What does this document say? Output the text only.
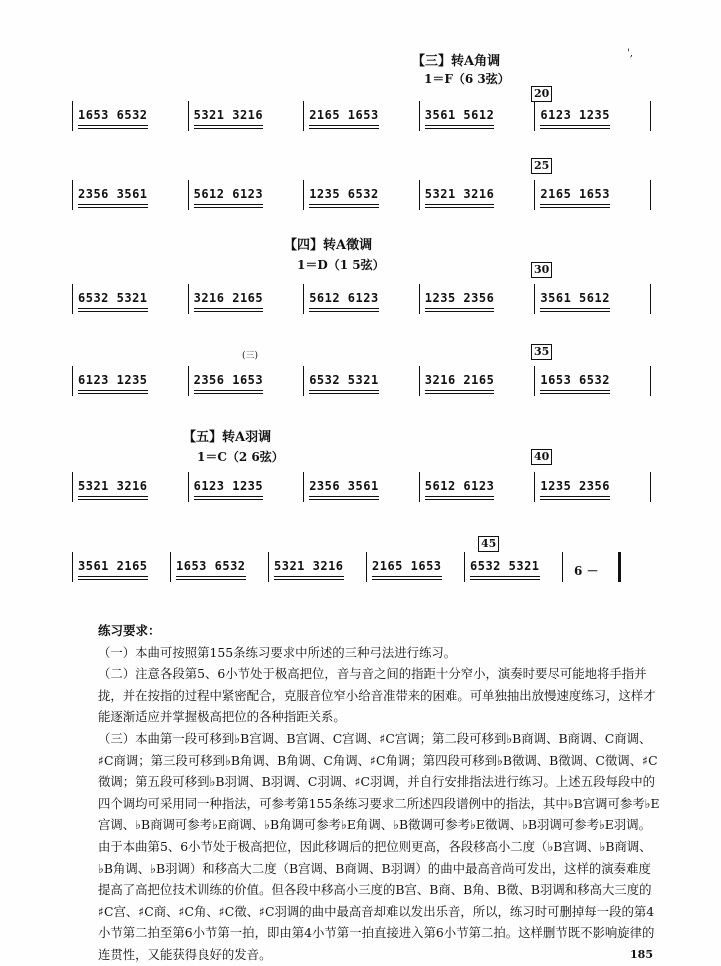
',
【三】转A角调
1＝F（6 3弦）
20
1653 6532	5321 3216	2165 1653	3561 5612	6123 1235
25
2356 3561	5612 6123	1235 6532	5321 3216	2165 1653
【四】转A徵调
1＝D（1 5弦）	30
6532 5321	3216 2165	5612 6123	1235 2356	3561 5612
35
(三)
6123 1235	2356 1653	6532 5321	3216 2165	1653 6532
【五】转A羽调
1＝C（2 6弦）	40
5321 3216	6123 1235	2356 3561	5612 6123	1235 2356
45
3561 2165 1653 6532 5321 3216 2165 1653 6532 5321	6 －

练习要求：

（一）本曲可按照第155条练习要求中所述的三种弓法进行练习。

（二）注意各段第5、6小节处于极高把位，音与音之间的指距十分窄小，演奏时要尽可能地将手指并拢，并在按指的过程中紧密配合，克服音位窄小给音准带来的困难。可单独抽出放慢速度练习，这样才能逐渐适应并掌握极高把位的各种指距关系。

（三）本曲第一段可移到♭B宫调、B宫调、C宫调、♯C宫调；第二段可移到♭B商调、B商调、C商调、♯C商调；第三段可移到♭B角调、B角调、C角调、♯C角调；第四段可移到♭B徵调、B徵调、C徵调、♯C徵调；第五段可移到♭B羽调、B羽调、C羽调、♯C羽调，并自行安排指法进行练习。上述五段每段中的四个调均可采用同一种指法，可参考第155条练习要求二所述四段谱例中的指法，其中♭B宫调可参考♭E宫调、♭B商调可参考♭E商调、♭B角调可参考♭E角调、♭B徵调可参考♭E徵调、♭B羽调可参考♭E羽调。由于本曲第5、6小节处于极高把位，因此移调后的把位则更高，各段移高小二度（♭B宫调、♭B商调、♭B角调、♭B羽调）和移高大二度（B宫调、B商调、B羽调）的曲中最高音尚可发出，这样的演奏难度提高了高把位技术训练的价值。但各段中移高小三度的B宫、B商、B角、B徵、B羽调和移高大三度的♯C宫、♯C商、♯C角、♯C徵、♯C羽调的曲中最高音却难以发出乐音，所以，练习时可删掉每一段的第4小节第二拍至第6小节第一拍，即由第4小节第一拍直接进入第6小节第二拍。这样删节既不影响旋律的连贯性，又能获得良好的发音。	185
